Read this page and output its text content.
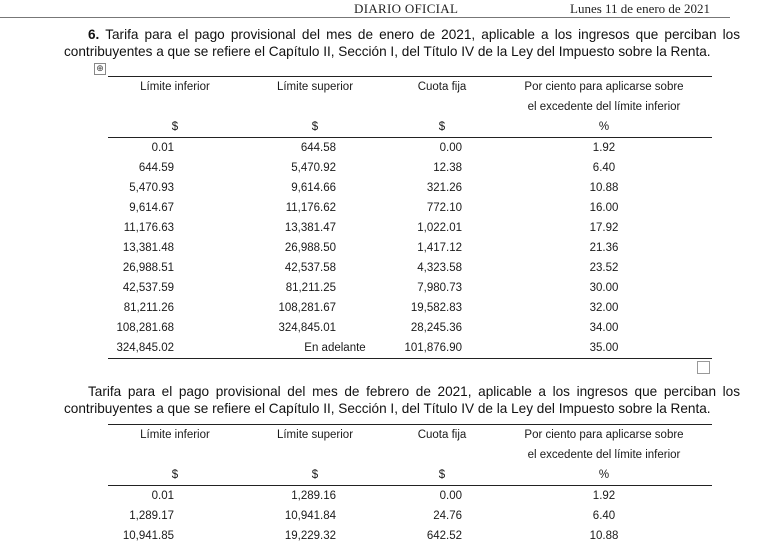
DIARIO OFICIAL	Lunes 11 de enero de 2021

6. Tarifa para el pago provisional del mes de enero de 2021, aplicable a los ingresos que perciban los contribuyentes a que se refiere el Capítulo II, Sección I, del Título IV de la Ley del Impuesto sobre la Renta.

⊕
Límite inferior	Límite superior	Cuota fija	Por ciento para aplicarse sobre
			el excedente del límite inferior
$	$	$	%
0.01	644.58	0.00	1.92
644.59	5,470.92	12.38	6.40
5,470.93	9,614.66	321.26	10.88
9,614.67	11,176.62	772.10	16.00
11,176.63	13,381.47	1,022.01	17.92
13,381.48	26,988.50	1,417.12	21.36
26,988.51	42,537.58	4,323.58	23.52
42,537.59	81,211.25	7,980.73	30.00
81,211.26	108,281.67	19,582.83	32.00
108,281.68	324,845.01	28,245.36	34.00
324,845.02	En adelante	101,876.90	35.00

Tarifa para el pago provisional del mes de febrero de 2021, aplicable a los ingresos que perciban los contribuyentes a que se refiere el Capítulo II, Sección I, del Título IV de la Ley del Impuesto sobre la Renta.

Límite inferior	Límite superior	Cuota fija	Por ciento para aplicarse sobre
			el excedente del límite inferior
$	$	$	%
0.01	1,289.16	0.00	1.92
1,289.17	10,941.84	24.76	6.40
10,941.85	19,229.32	642.52	10.88
